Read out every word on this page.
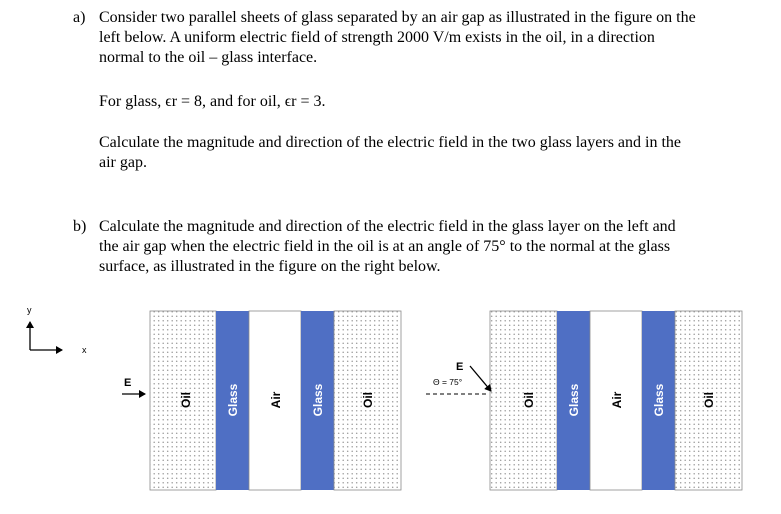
a) Consider two parallel sheets of glass separated by an air gap as illustrated in the figure on the

left below. A uniform electric field of strength 2000 V/m exists in the oil, in a direction

normal to the oil – glass interface.

For glass, ϵr = 8, and for oil, ϵr = 3.

Calculate the magnitude and direction of the electric field in the two glass layers and in the

air gap.

b) Calculate the magnitude and direction of the electric field in the glass layer on the left and

the air gap when the electric field in the oil is at an angle of 75° to the normal at the glass

surface, as illustrated in the figure on the right below.

y
x
Oil	Glass Air Glass	Oil
E
Oil	Glass Air Glass	Oil
E
Θ = 75°
